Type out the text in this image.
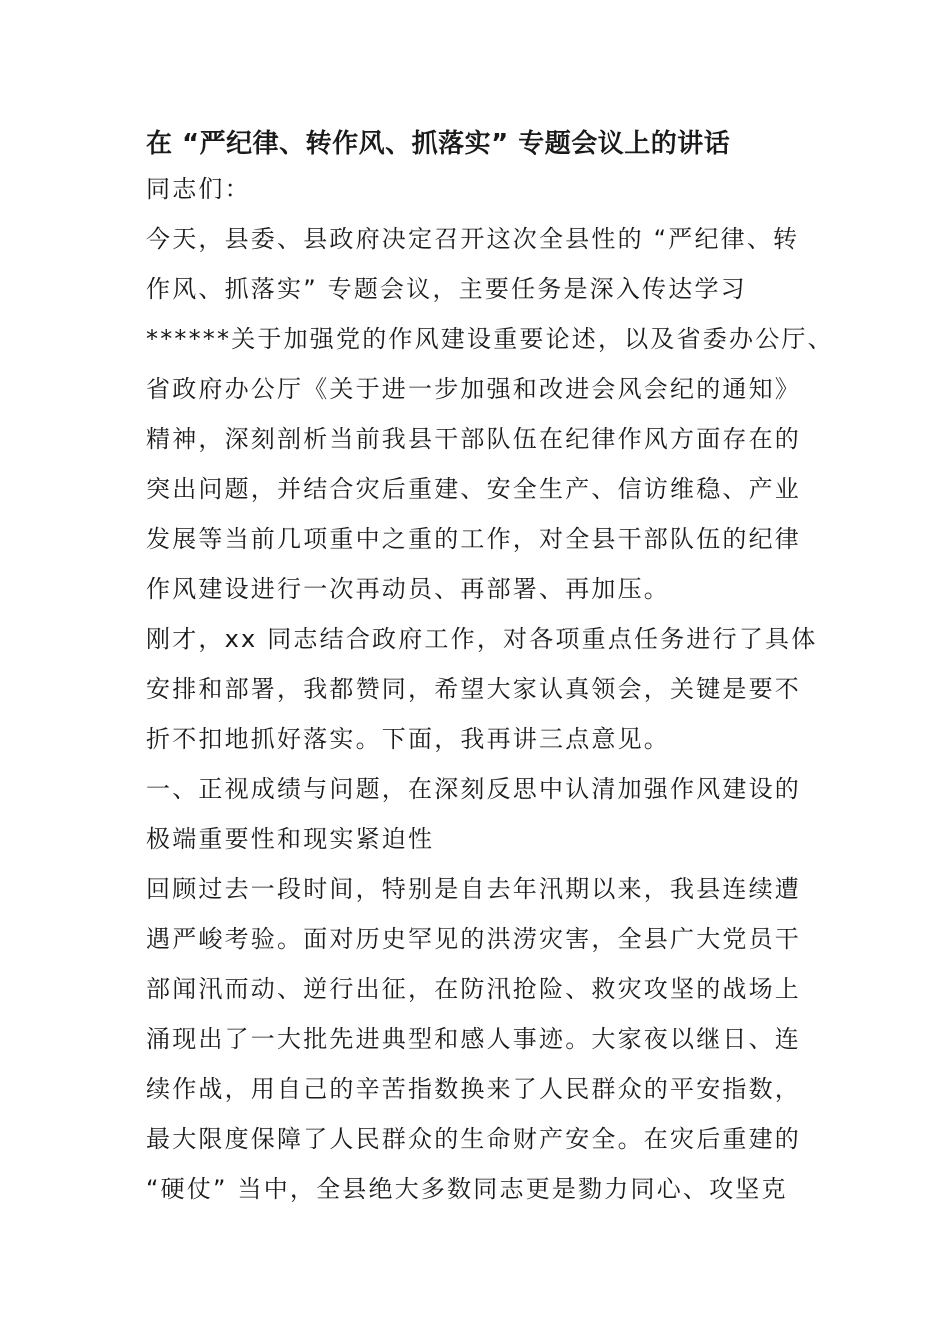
在 “严纪律、转作风、抓落实” 专题会议上的讲话
同志们：
今天，县委、县政府决定召开这次全县性的 “严纪律、转
作风、抓落实” 专题会议，主要任务是深入传达学习
******关于加强党的作风建设重要论述，以及省委办公厅、
省政府办公厅《关于进一步加强和改进会风会纪的通知》
精神，深刻剖析当前我县干部队伍在纪律作风方面存在的
突出问题，并结合灾后重建、安全生产、信访维稳、产业
发展等当前几项重中之重的工作，对全县干部队伍的纪律
作风建设进行一次再动员、再部署、再加压。
刚才，xx 同志结合政府工作，对各项重点任务进行了具体
安排和部署，我都赞同，希望大家认真领会，关键是要不
折不扣地抓好落实。下面，我再讲三点意见。
一、正视成绩与问题，在深刻反思中认清加强作风建设的
极端重要性和现实紧迫性
回顾过去一段时间，特别是自去年汛期以来，我县连续遭
遇严峻考验。面对历史罕见的洪涝灾害，全县广大党员干
部闻汛而动、逆行出征，在防汛抢险、救灾攻坚的战场上
涌现出了一大批先进典型和感人事迹。大家夜以继日、连
续作战，用自己的辛苦指数换来了人民群众的平安指数，
最大限度保障了人民群众的生命财产安全。在灾后重建的
“硬仗” 当中，全县绝大多数同志更是勠力同心、攻坚克
